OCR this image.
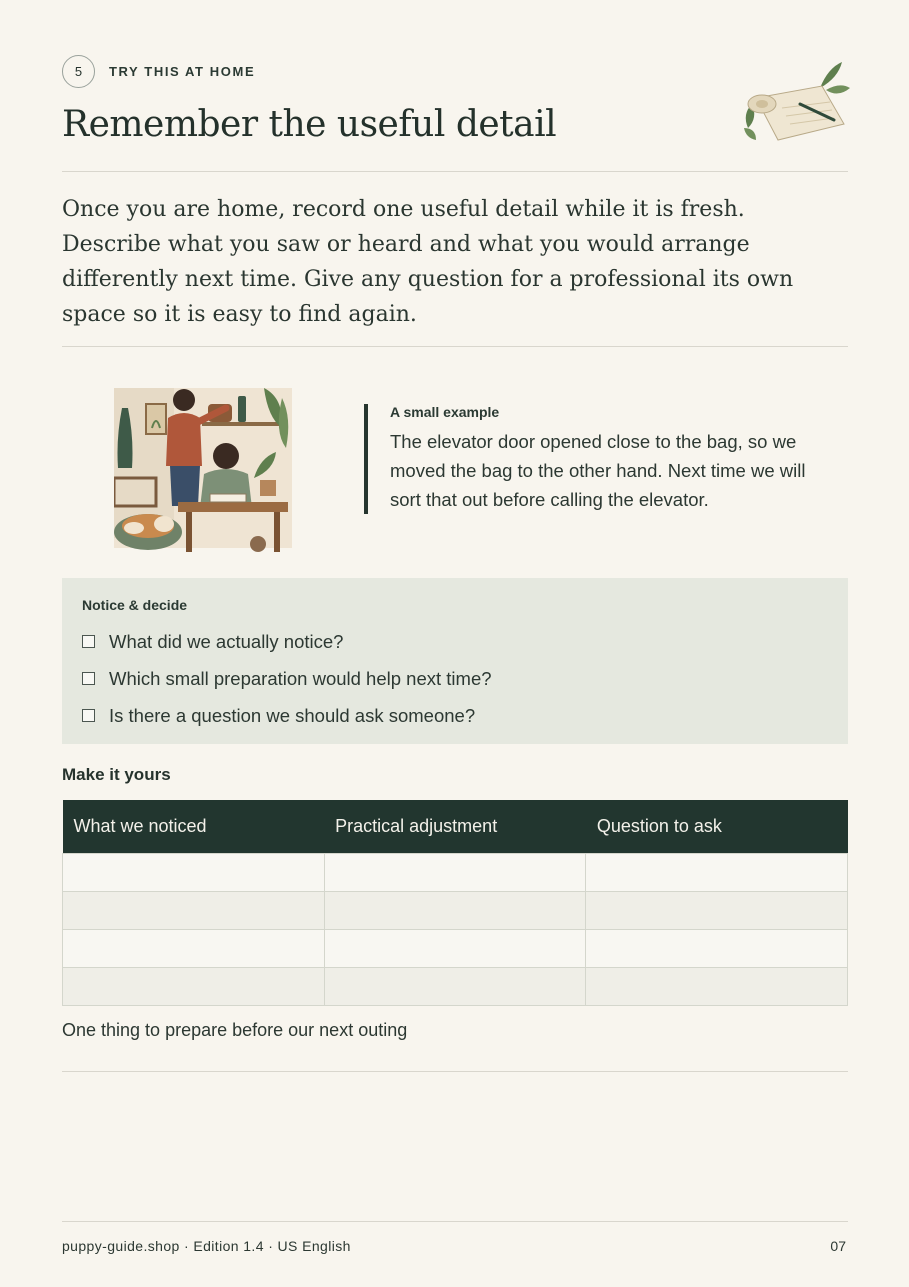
5	TRY THIS AT HOME
Remember the useful detail

Once you are home, record one useful detail while it is fresh. Describe what you saw or heard and what you would arrange differently next time. Give any question for a professional its own space so it is easy to find again.

A small example
The elevator door opened close to the bag, so we moved the bag to the other hand. Next time we will sort that out before calling the elevator.
Notice & decide
What did we actually notice?
Which small preparation would help next time?
Is there a question we should ask someone?
Make it yours
What we noticed	Practical adjustment	Question to ask

One thing to prepare before our next outing
puppy-guide.shop · Edition 1.4 · US English	07
